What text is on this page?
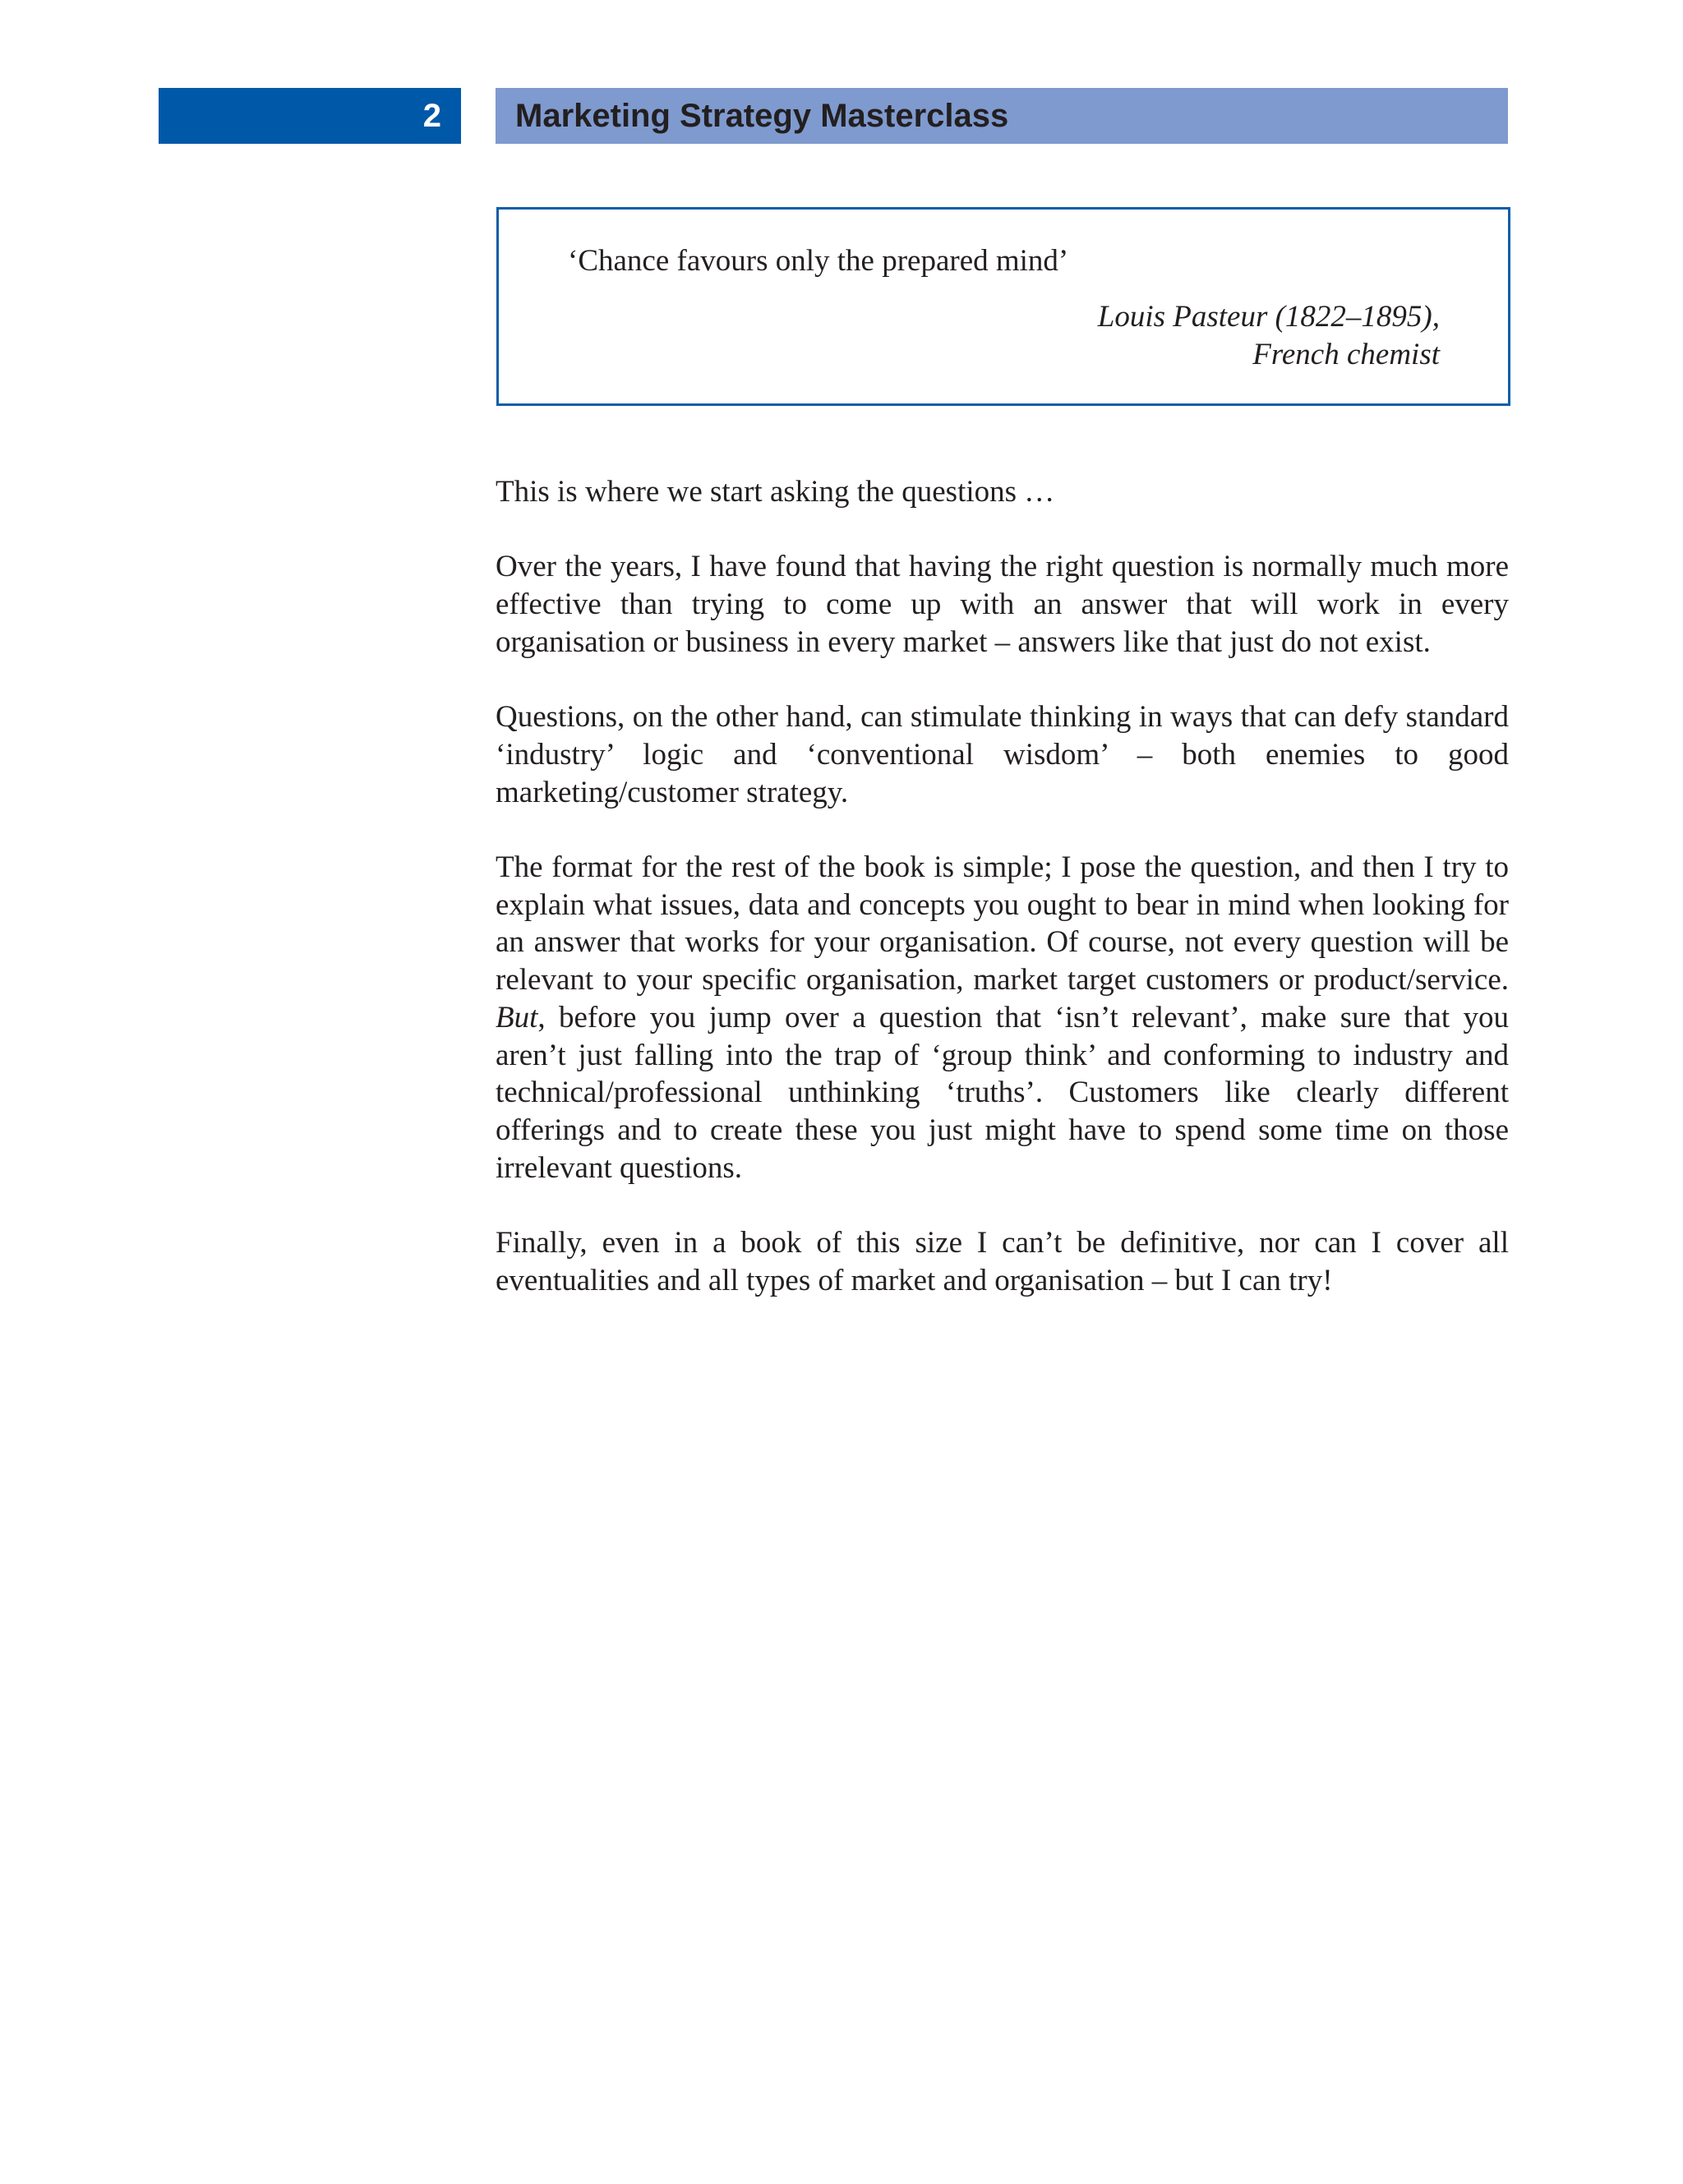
2 Marketing Strategy Masterclass
‘Chance favours only the prepared mind’
Louis Pasteur (1822–1895),
French chemist

This is where we start asking the questions …

Over the years, I have found that having the right question is normally much more effective than trying to come up with an answer that will work in every organisation or business in every market – answers like that just do not exist.

Questions, on the other hand, can stimulate thinking in ways that can defy standard ‘industry’ logic and ‘conventional wisdom’ – both enemies to good marketing/customer strategy.

The format for the rest of the book is simple; I pose the question, and then I try to explain what issues, data and concepts you ought to bear in mind when looking for an answer that works for your organisation. Of course, not every question will be relevant to your specific organisation, market target customers or product/service. But, before you jump over a question that ‘isn’t relevant’, make sure that you aren’t just falling into the trap of ‘group think’ and conforming to industry and technical/professional unthinking ‘truths’. Customers like clearly different offerings and to create these you just might have to spend some time on those irrelevant questions.

Finally, even in a book of this size I can’t be definitive, nor can I cover all eventualities and all types of market and organisation – but I can try!
